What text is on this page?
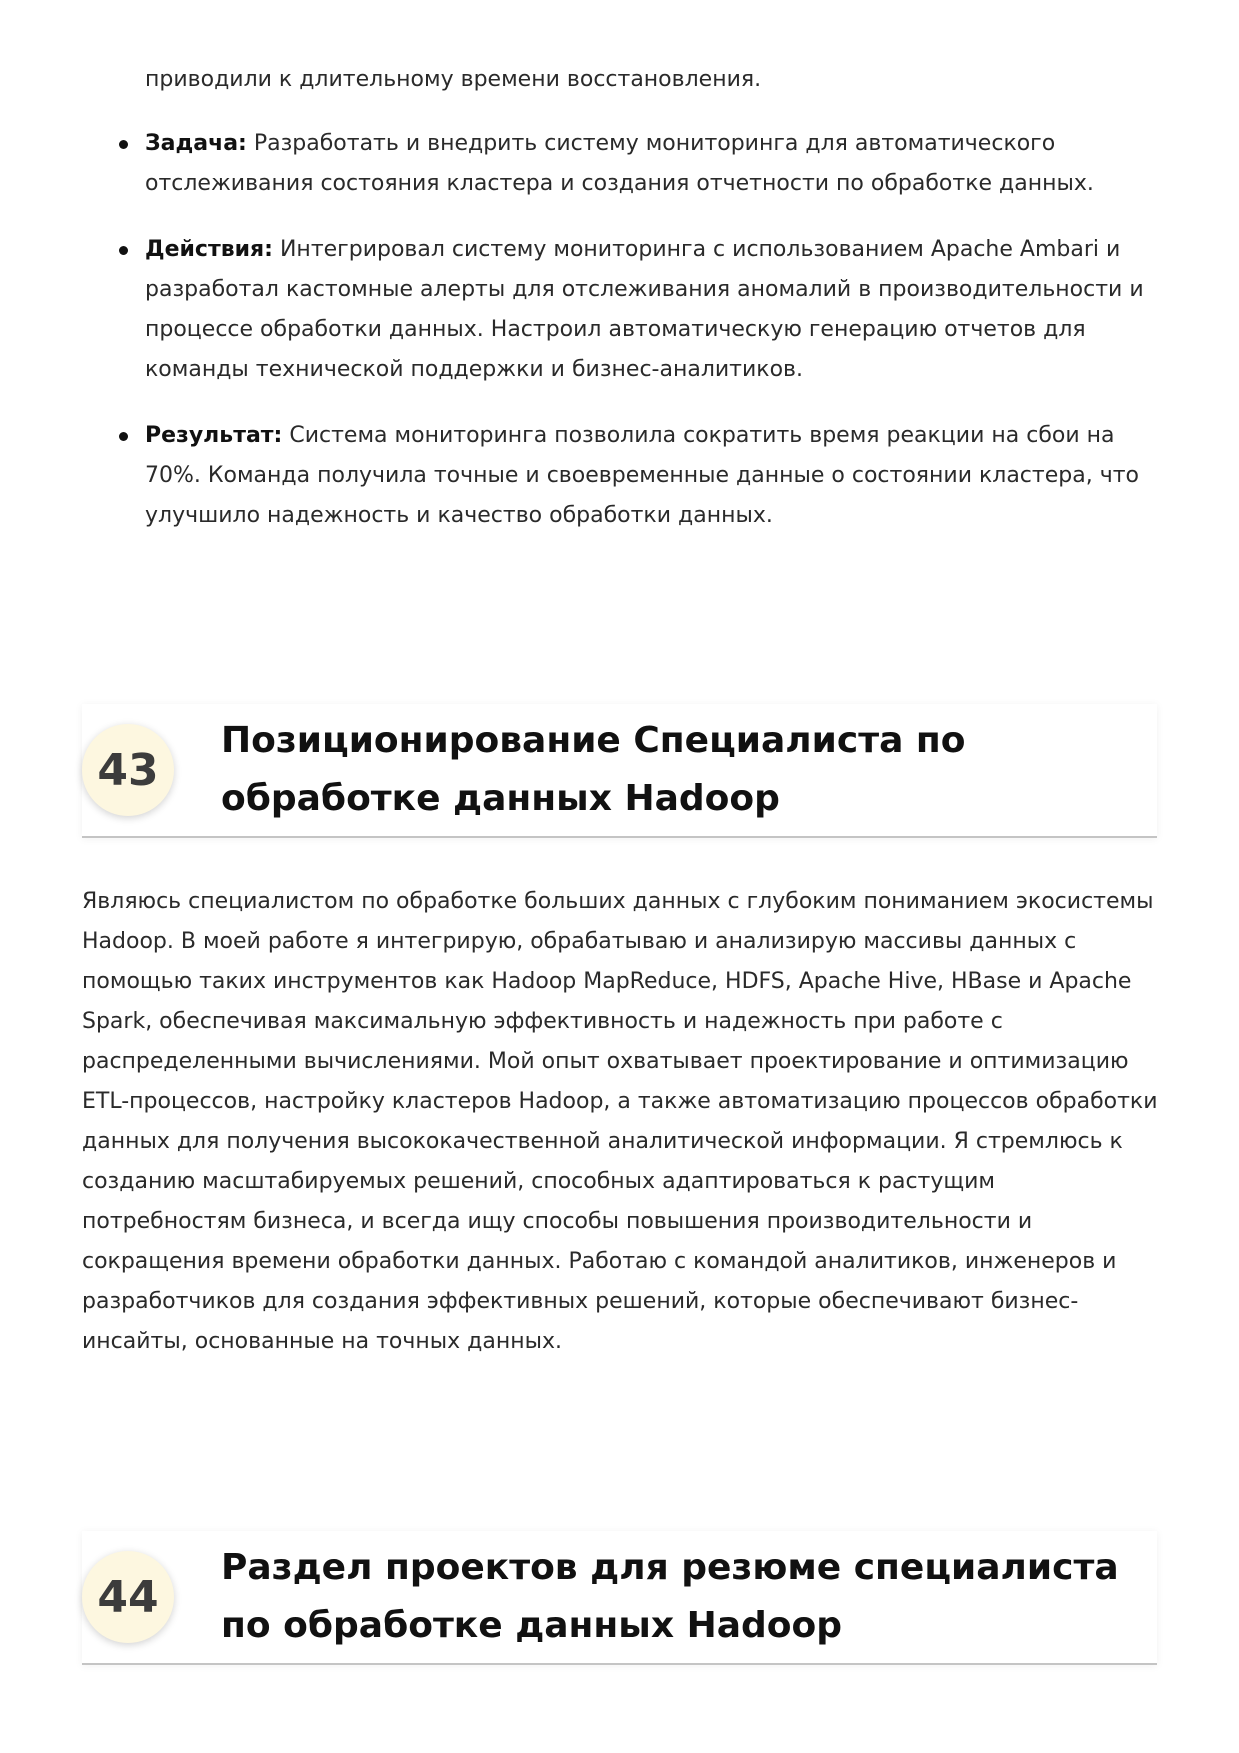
приводили к длительному времени восстановления.

Задача: Разработать и внедрить систему мониторинга для автоматического отслеживания состояния кластера и создания отчетности по обработке данных.
Действия: Интегрировал систему мониторинга с использованием Apache Ambari и разработал кастомные алерты для отслеживания аномалий в производительности и процессе обработки данных. Настроил автоматическую генерацию отчетов для команды технической поддержки и бизнес-аналитиков.
Результат: Система мониторинга позволила сократить время реакции на сбои на 70%. Команда получила точные и своевременные данные о состоянии кластера, что улучшило надежность и качество обработки данных.
43
Позиционирование Специалиста по обработке данных Hadoop

Являюсь специалистом по обработке больших данных с глубоким пониманием экосистемы Hadoop. В моей работе я интегрирую, обрабатываю и анализирую массивы данных с помощью таких инструментов как Hadoop MapReduce, HDFS, Apache Hive, HBase и Apache Spark, обеспечивая максимальную эффективность и надежность при работе с распределенными вычислениями. Мой опыт охватывает проектирование и оптимизацию ETL-процессов, настройку кластеров Hadoop, а также автоматизацию процессов обработки данных для получения высококачественной аналитической информации. Я стремлюсь к созданию масштабируемых решений, способных адаптироваться к растущим потребностям бизнеса, и всегда ищу способы повышения производительности и сокращения времени обработки данных. Работаю с командой аналитиков, инженеров и разработчиков для создания эффективных решений, которые обеспечивают бизнес-инсайты, основанные на точных данных.

44
Раздел проектов для резюме специалиста по обработке данных Hadoop
